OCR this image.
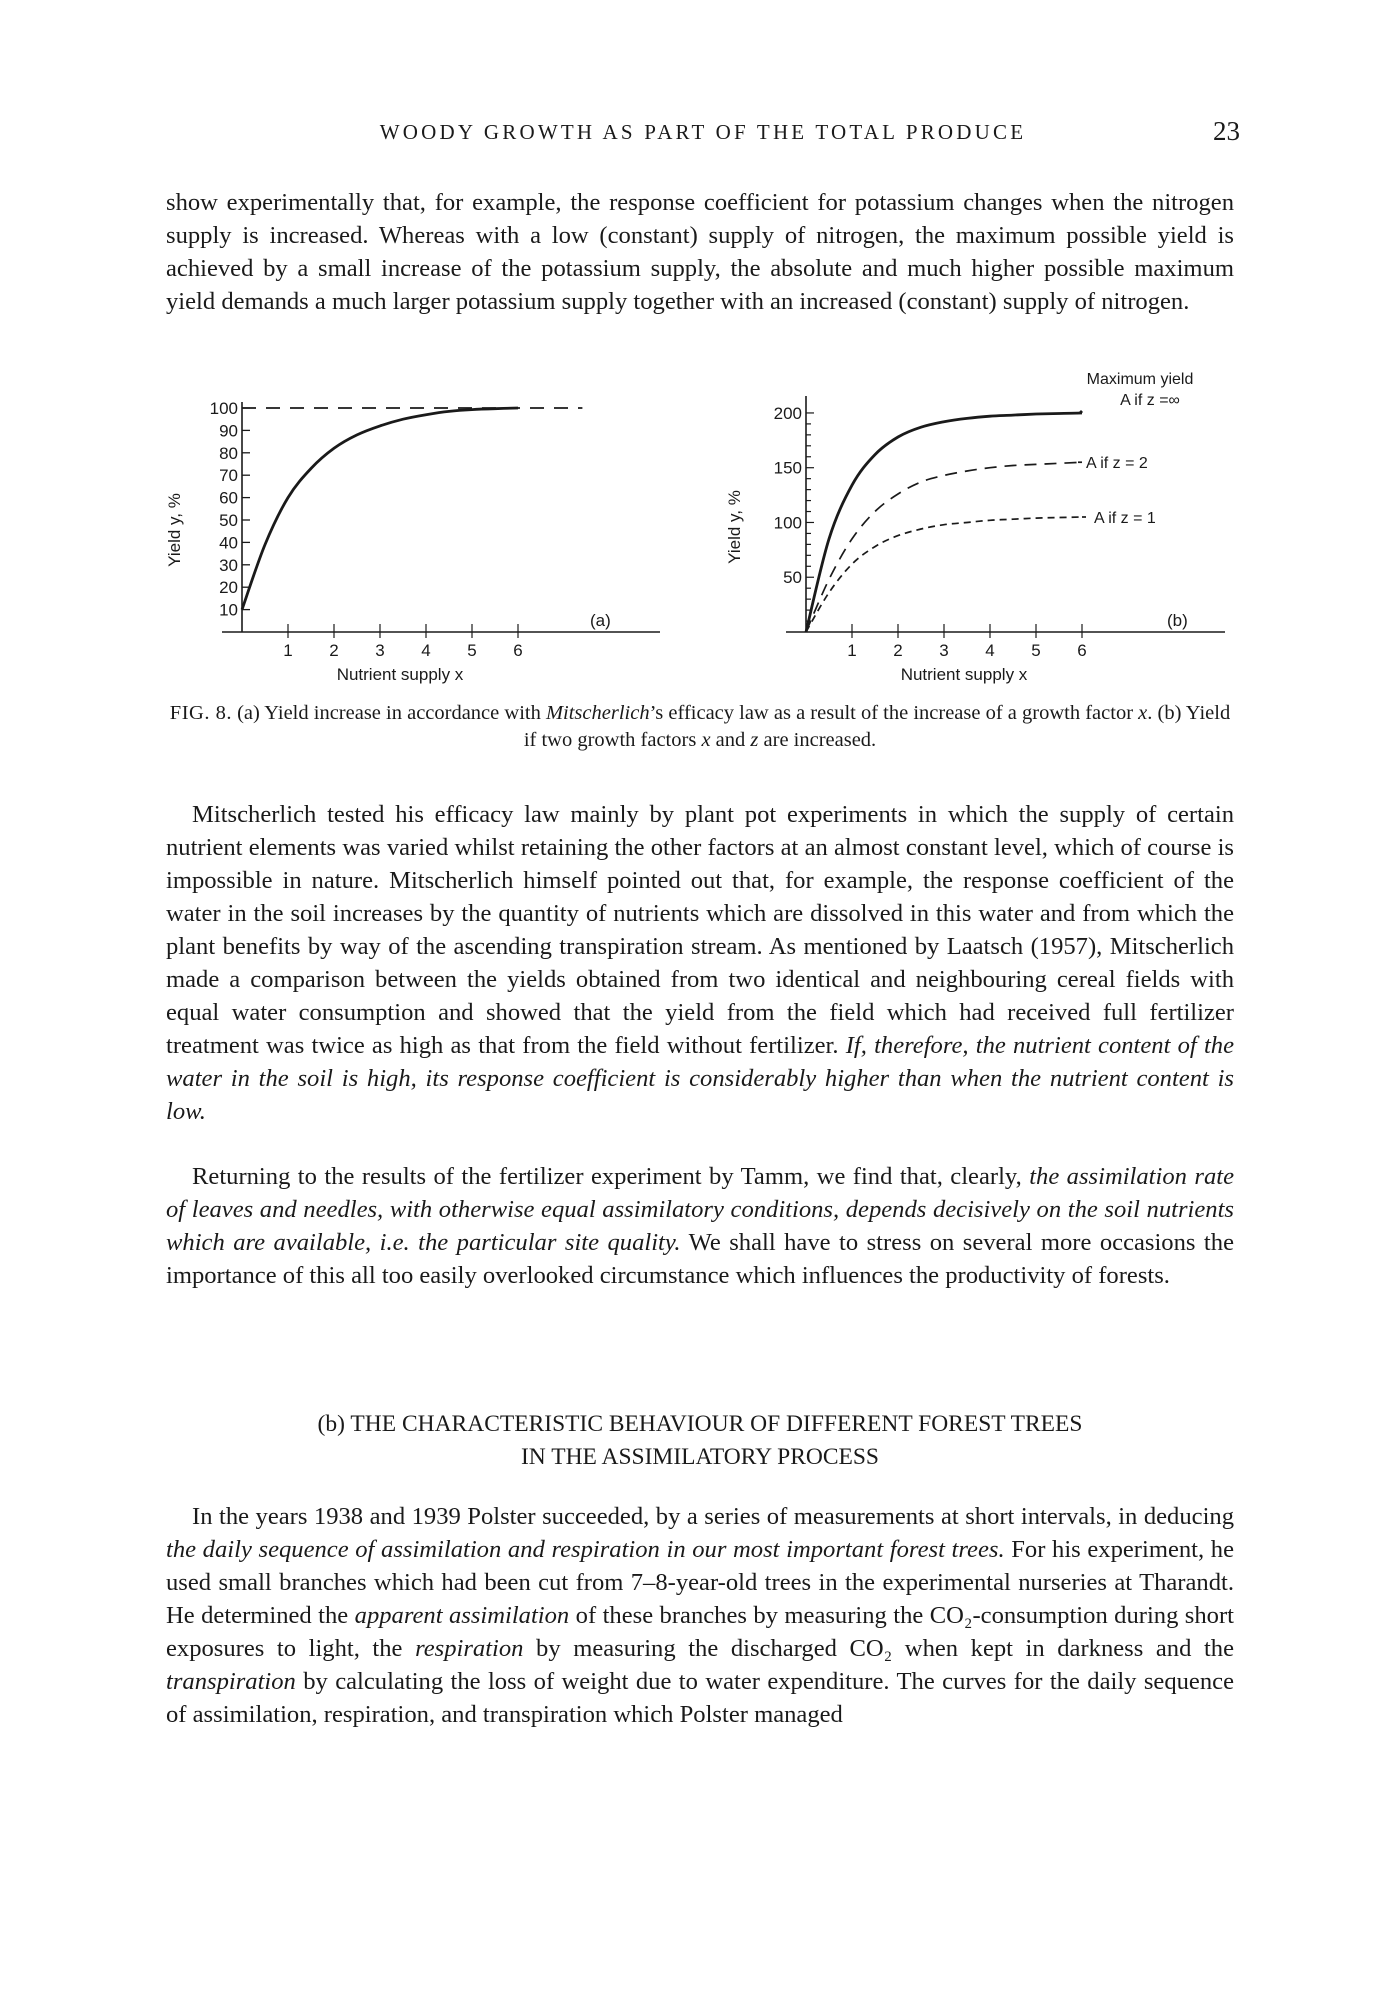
WOODY GROWTH AS PART OF THE TOTAL PRODUCE	23

show experimentally that, for example, the response coefficient for potassium changes when the nitrogen supply is increased. Whereas with a low (constant) supply of nitrogen, the maximum possible yield is achieved by a small increase of the potassium supply, the absolute and much higher possible maximum yield demands a much larger potassium supply together with an increased (constant) supply of nitrogen.

10
20
30
40
50
60
70
80
90
100
1 2 3 4 5 6
Nutrient supply x
Yield y, %
(a)
50
100
150
200
1 2 3 4 5 6
Nutrient supply x
Yield y, %
(b)
Maximum yield
A if z =∞
A if z = 2
A if z = 1
FIG. 8. (a) Yield increase in accordance with Mitscherlich’s efficacy law as a result of the increase of a growth factor x. (b) Yield if two growth factors x and z are increased.

Mitscherlich tested his efficacy law mainly by plant pot experiments in which the supply of certain nutrient elements was varied whilst retaining the other factors at an almost constant level, which of course is impossible in nature. Mitscherlich himself pointed out that, for example, the response coefficient of the water in the soil increases by the quantity of nutrients which are dissolved in this water and from which the plant benefits by way of the ascending transpiration stream. As mentioned by Laatsch (1957), Mitscherlich made a comparison between the yields obtained from two identical and neighbouring cereal fields with equal water consumption and showed that the yield from the field which had received full fertilizer treatment was twice as high as that from the field without fertilizer. If, therefore, the nutrient content of the water in the soil is high, its response coefficient is considerably higher than when the nutrient content is low.

Returning to the results of the fertilizer experiment by Tamm, we find that, clearly, the assimilation rate of leaves and needles, with otherwise equal assimilatory conditions, depends decisively on the soil nutrients which are available, i.e. the particular site quality. We shall have to stress on several more occasions the importance of this all too easily overlooked circumstance which influences the productivity of forests.

(b) THE CHARACTERISTIC BEHAVIOUR OF DIFFERENT FOREST TREES
IN THE ASSIMILATORY PROCESS

In the years 1938 and 1939 Polster succeeded, by a series of measurements at short intervals, in deducing the daily sequence of assimilation and respiration in our most important forest trees. For his experiment, he used small branches which had been cut from 7–8-year-old trees in the experimental nurseries at Tharandt. He determined the apparent assimilation of these branches by measuring the CO₂-consumption during short exposures to light, the respiration by measuring the discharged CO₂ when kept in darkness and the transpiration by calculating the loss of weight due to water expenditure. The curves for the daily sequence of assimilation, respiration, and transpiration which Polster managed
